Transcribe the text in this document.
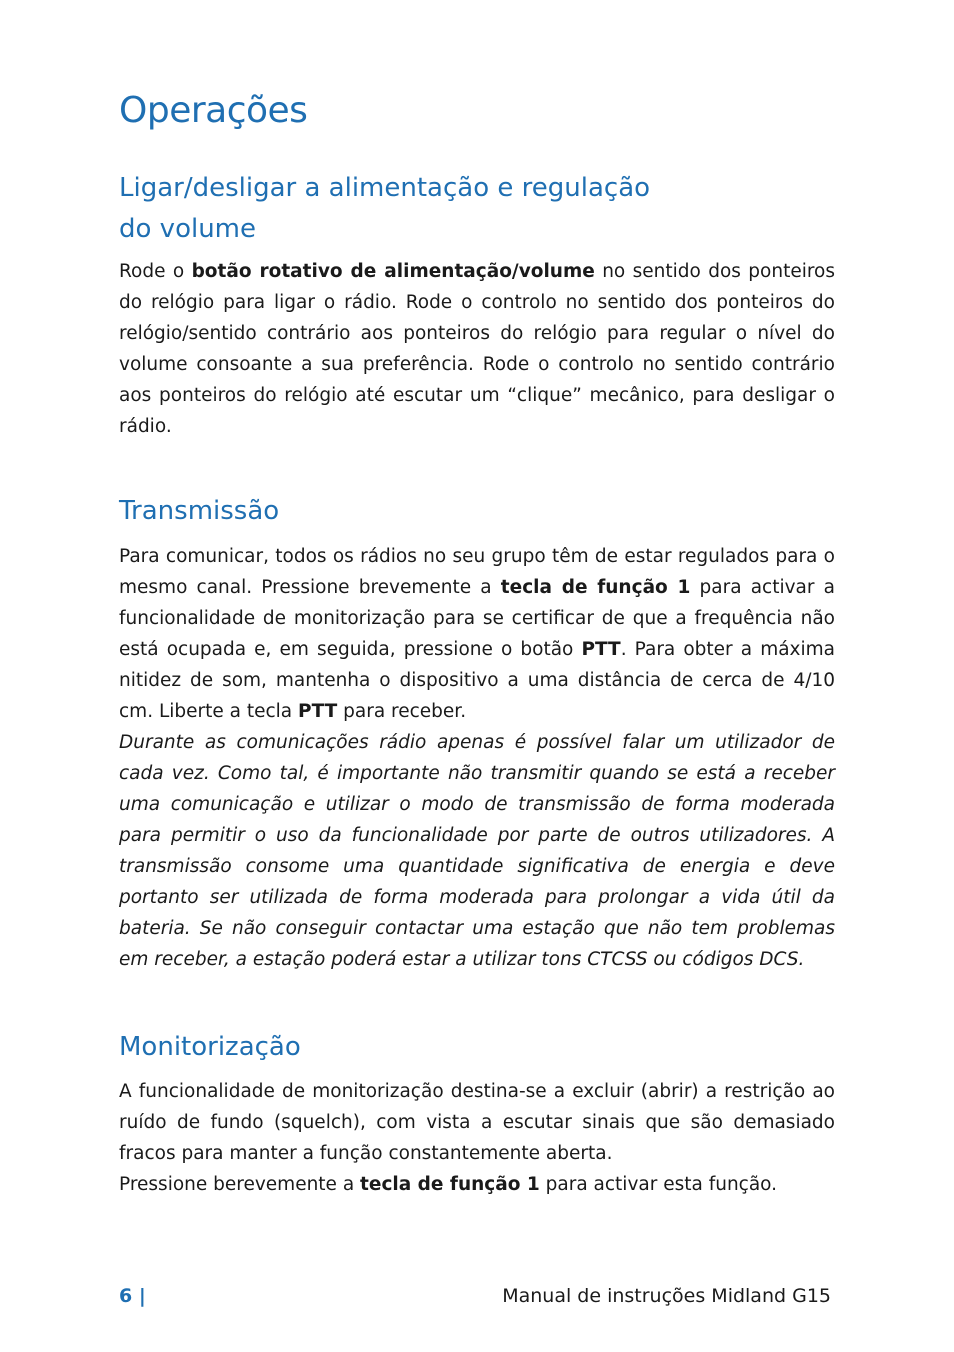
Operações
Ligar/desligar a alimentação e regulação
do volume

Rode o botão rotativo de alimentação/volume no sentido dos ponteiros do relógio para ligar o rádio. Rode o controlo no sentido dos ponteiros do relógio/sentido contrário aos ponteiros do relógio para regular o nível do volume consoante a sua preferência. Rode o controlo no sentido contrário aos ponteiros do relógio até escutar um “clique” mecânico, para desligar o rádio.

Transmissão

Para comunicar, todos os rádios no seu grupo têm de estar regulados para o mesmo canal. Pressione brevemente a tecla de função 1 para activar a funcionalidade de monitorização para se certificar de que a frequência não está ocupada e, em seguida, pressione o botão PTT. Para obter a máxima nitidez de som, mantenha o dispositivo a uma distância de cerca de 4/10 cm. Liberte a tecla PTT para receber.

Durante as comunicações rádio apenas é possível falar um utilizador de cada vez. Como tal, é importante não transmitir quando se está a receber uma comunicação e utilizar o modo de transmissão de forma moderada para permitir o uso da funcionalidade por parte de outros utilizadores. A transmissão consome uma quantidade significativa de energia e deve portanto ser utilizada de forma moderada para prolongar a vida útil da bateria. Se não conseguir contactar uma estação que não tem problemas em receber, a estação poderá estar a utilizar tons CTCSS ou códigos DCS.

Monitorização

A funcionalidade de monitorização destina-se a excluir (abrir) a restrição ao ruído de fundo (squelch), com vista a escutar sinais que são demasiado fracos para manter a função constantemente aberta.

Pressione berevemente a tecla de função 1 para activar esta função.

6 |	Manual de instruções Midland G15
